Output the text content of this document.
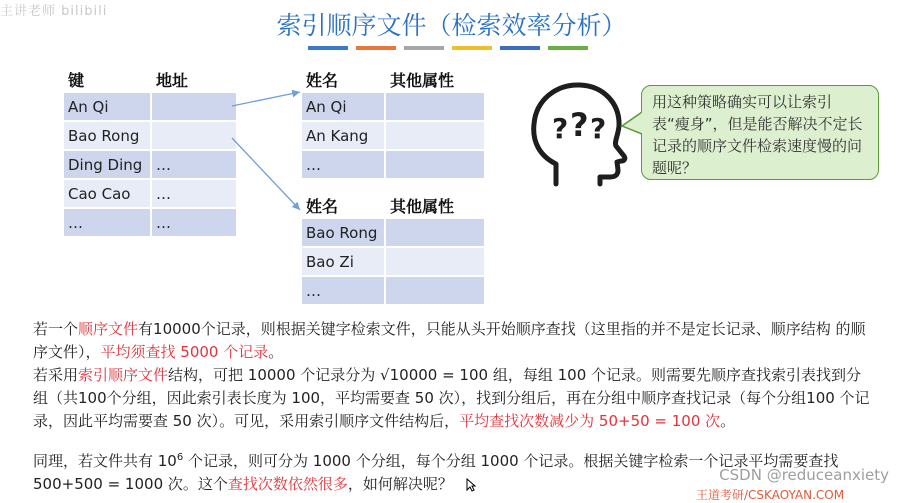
主讲老师 bilibili	索引顺序文件（检索效率分析）
键	地址
An Qi	
Bao Rong	
Ding Ding	…
Cao Cao	…
…	…
姓名	其他属性
An Qi	
An Kang	
…	
姓名	其他属性
Bao Rong	
Bao Zi	
…	
? ? ?
用这种策略确实可以让索引表“瘦身”，但是能否解决不定长记录的顺序文件检索速度慢的问题呢？
若一个顺序文件有10000个记录，则根据关键字检索文件，只能从头开始顺序查找（这里指的并不是定长记录、顺序结构 的顺序文件），平均须查找 5000 个记录。
若采用索引顺序文件结构，可把 10000 个记录分为 √10000 = 100 组，每组 100 个记录。则需要先顺序查找索引表找到分组（共100个分组，因此索引表长度为 100，平均需要查 50 次），找到分组后，再在分组中顺序查找记录（每个分组100 个记录，因此平均需要查 50 次）。可见，采用索引顺序文件结构后，平均查找次数减少为 50+50 = 100 次。
同理，若文件共有 $10^6$ 个记录，则可分为 1000 个分组，每个分组 1000 个记录。根据关键字检索一个记录平均需要查找 500+500 = 1000 次。这个查找次数依然很多，如何解决呢？	CSDN @reduceanxiety
王道考研/CSKAOYAN.COM
